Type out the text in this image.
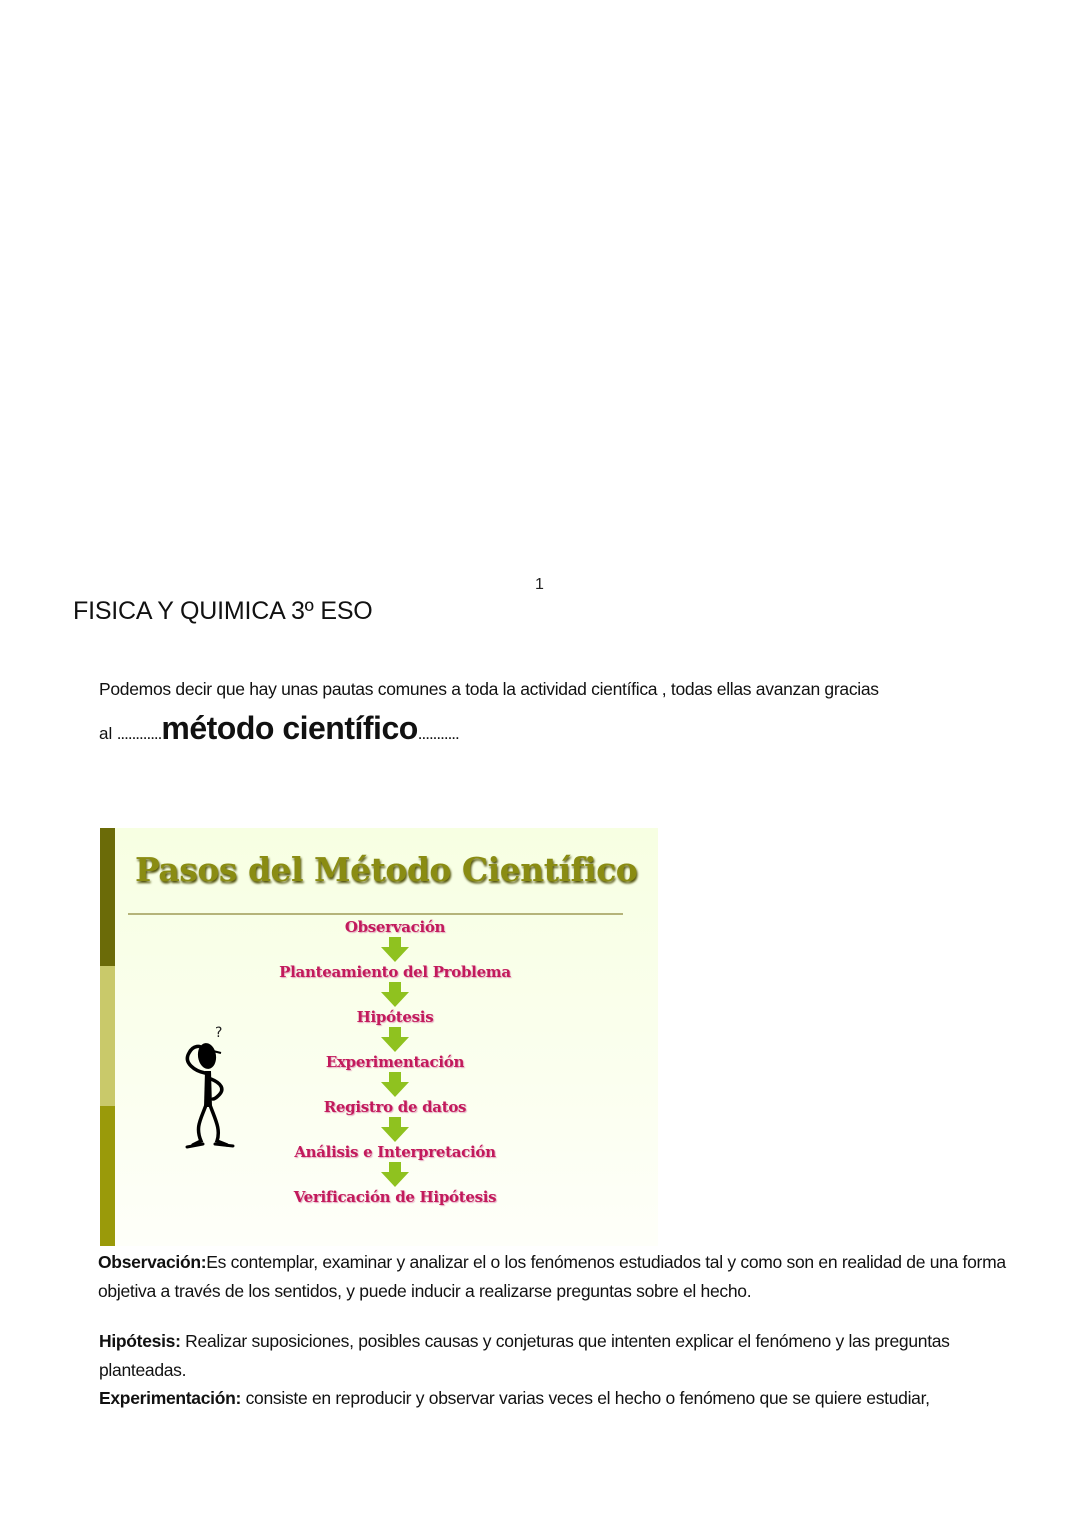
1
FISICA Y QUIMICA 3º ESO
Podemos decir que hay unas pautas comunes a toda la actividad científica , todas ellas avanzan gracias
al ............método científico...........
Pasos del Método Científico
?
Observación
Planteamiento del Problema
Hipótesis
Experimentación
Registro de datos
Análisis e Interpretación
Verificación de Hipótesis
Observación:Es contemplar, examinar y analizar el o los fenómenos estudiados tal y como son en realidad de una forma objetiva a través de los sentidos, y puede inducir a realizarse preguntas sobre el hecho.
Hipótesis: Realizar suposiciones, posibles causas y conjeturas que intenten explicar el fenómeno y las preguntas planteadas.
Experimentación: consiste en reproducir y observar varias veces el hecho o fenómeno que se quiere estudiar,
